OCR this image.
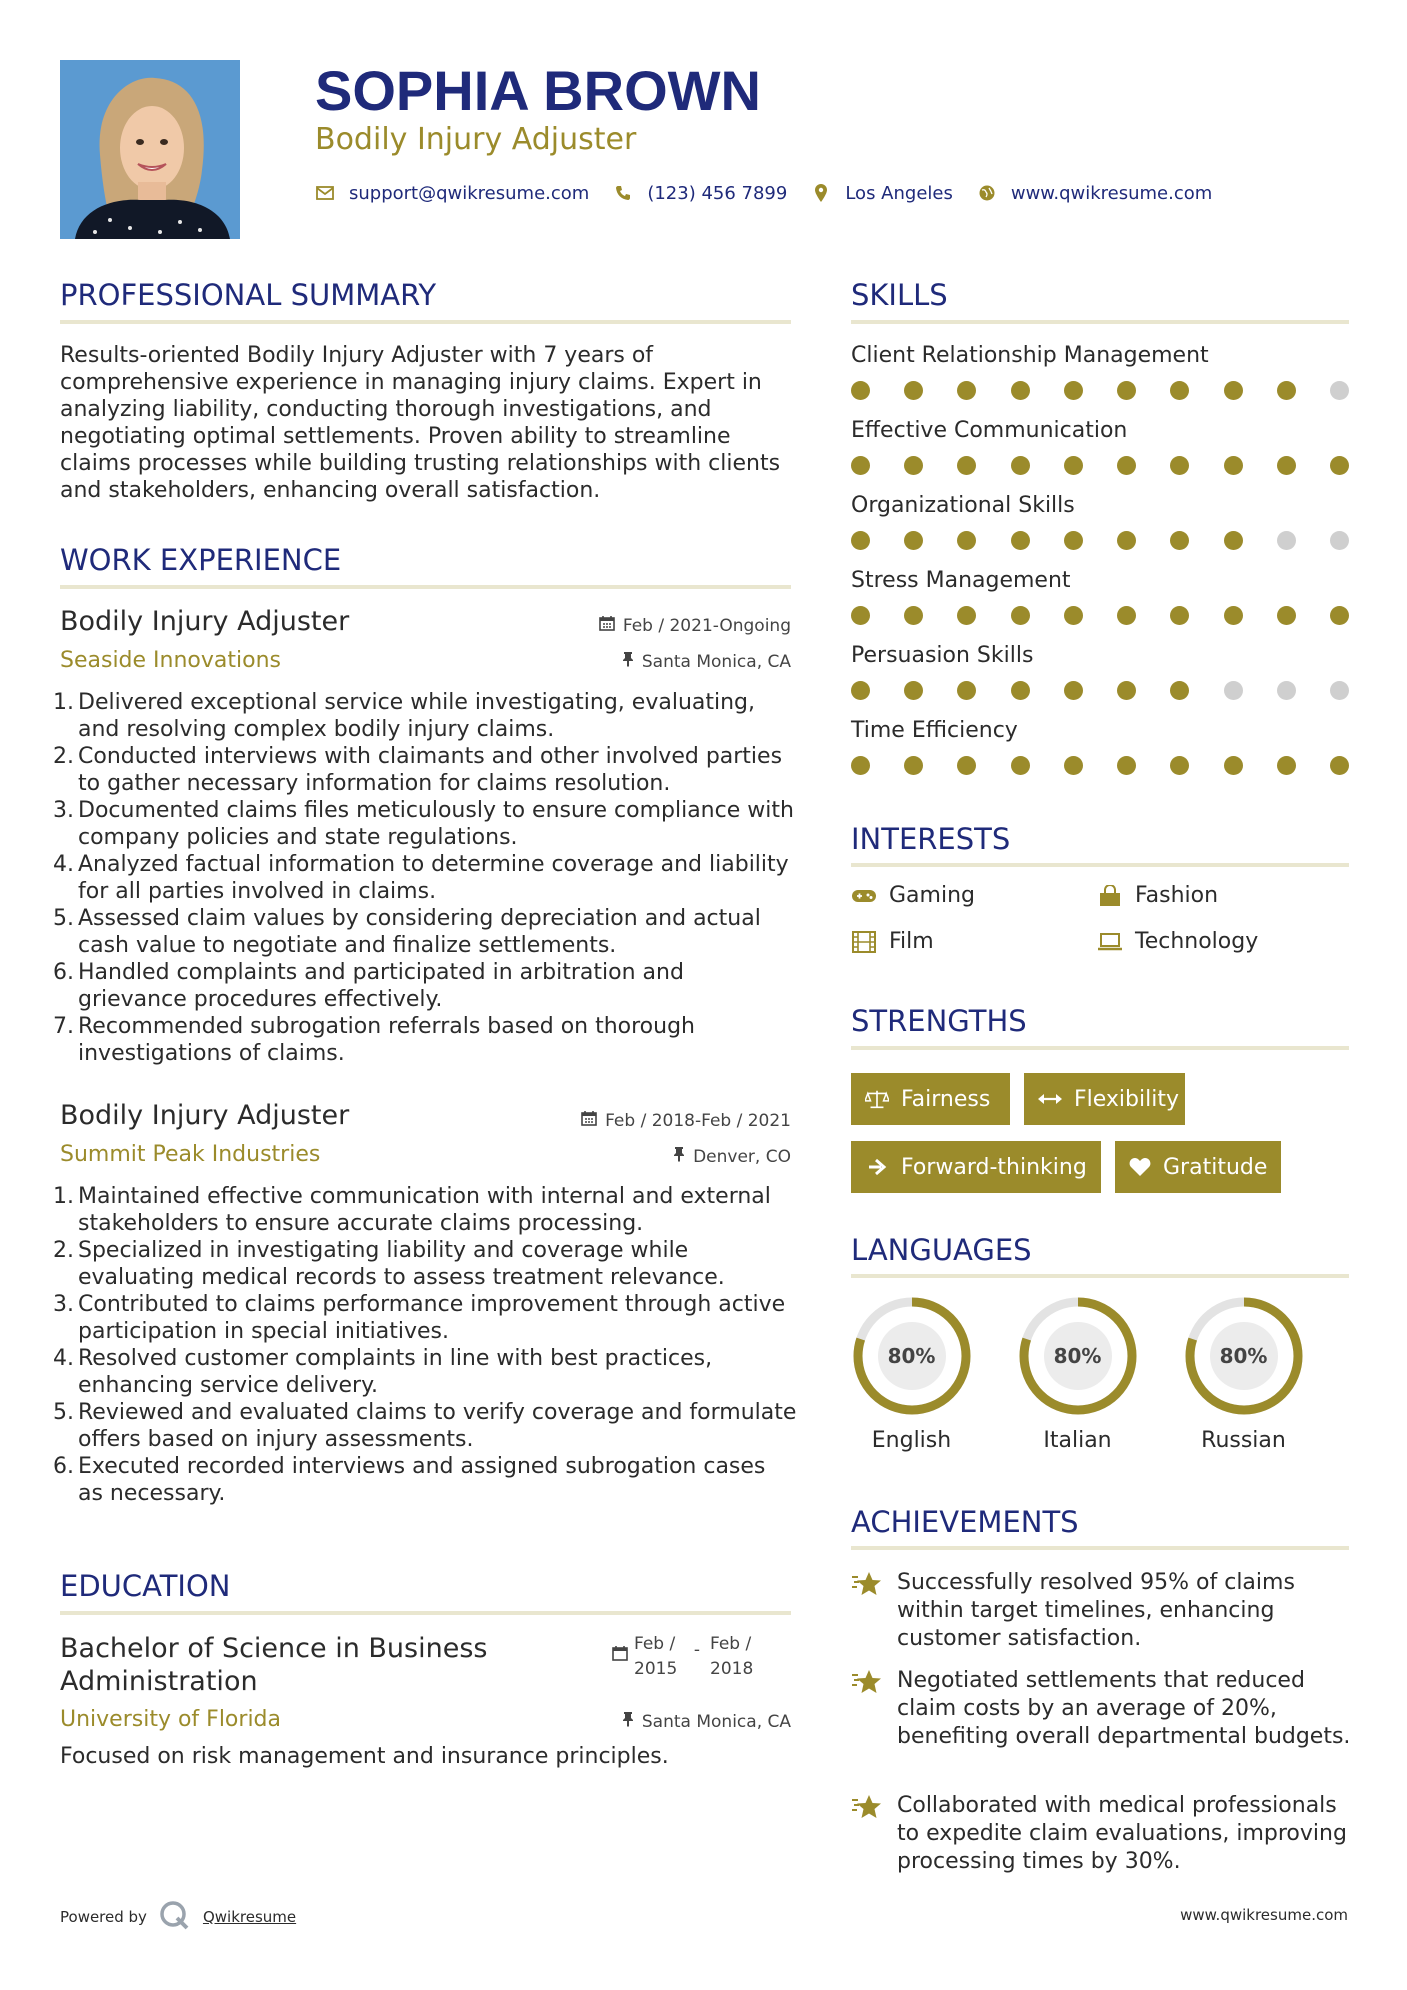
SOPHIA BROWN
Bodily Injury Adjuster
support@qwikresume.com	(123) 456 7899	Los Angeles	www.qwikresume.com
PROFESSIONAL SUMMARY
Results-oriented Bodily Injury Adjuster with 7 years of comprehensive experience in managing injury claims. Expert in analyzing liability, conducting thorough investigations, and negotiating optimal settlements. Proven ability to streamline claims processes while building trusting relationships with clients and stakeholders, enhancing overall satisfaction.
WORK EXPERIENCE
Bodily Injury Adjuster	Feb / 2021-Ongoing
Seaside Innovations	Santa Monica, CA
1. Delivered exceptional service while investigating, evaluating, and resolving complex bodily injury claims.
2. Conducted interviews with claimants and other involved parties to gather necessary information for claims resolution.
3. Documented claims files meticulously to ensure compliance with company policies and state regulations.
4. Analyzed factual information to determine coverage and liability for all parties involved in claims.
5. Assessed claim values by considering depreciation and actual cash value to negotiate and finalize settlements.
6. Handled complaints and participated in arbitration and grievance procedures effectively.
7. Recommended subrogation referrals based on thorough investigations of claims.
Bodily Injury Adjuster	Feb / 2018-Feb / 2021
Summit Peak Industries	Denver, CO
1. Maintained effective communication with internal and external stakeholders to ensure accurate claims processing.
2. Specialized in investigating liability and coverage while evaluating medical records to assess treatment relevance.
3. Contributed to claims performance improvement through active participation in special initiatives.
4. Resolved customer complaints in line with best practices, enhancing service delivery.
5. Reviewed and evaluated claims to verify coverage and formulate offers based on injury assessments.
6. Executed recorded interviews and assigned subrogation cases as necessary.
EDUCATION
Bachelor of Science in Business Administration
Feb /
2015
- Feb /
2018
University of Florida	Santa Monica, CA
Focused on risk management and insurance principles.
Powered by	Qwikresume	www.qwikresume.com
SKILLS
Client Relationship Management
Effective Communication
Organizational Skills
Stress Management
Persuasion Skills
Time Efficiency
INTERESTS
Gaming	Fashion
Film	Technology
STRENGTHS
Fairness	Flexibility
Forward-thinking	Gratitude
LANGUAGES
80%
English
80%
Italian
80%
Russian
ACHIEVEMENTS
Successfully resolved 95% of claims within target timelines, enhancing customer satisfaction.
Negotiated settlements that reduced claim costs by an average of 20%, benefiting overall departmental budgets.
Collaborated with medical professionals to expedite claim evaluations, improving processing times by 30%.
